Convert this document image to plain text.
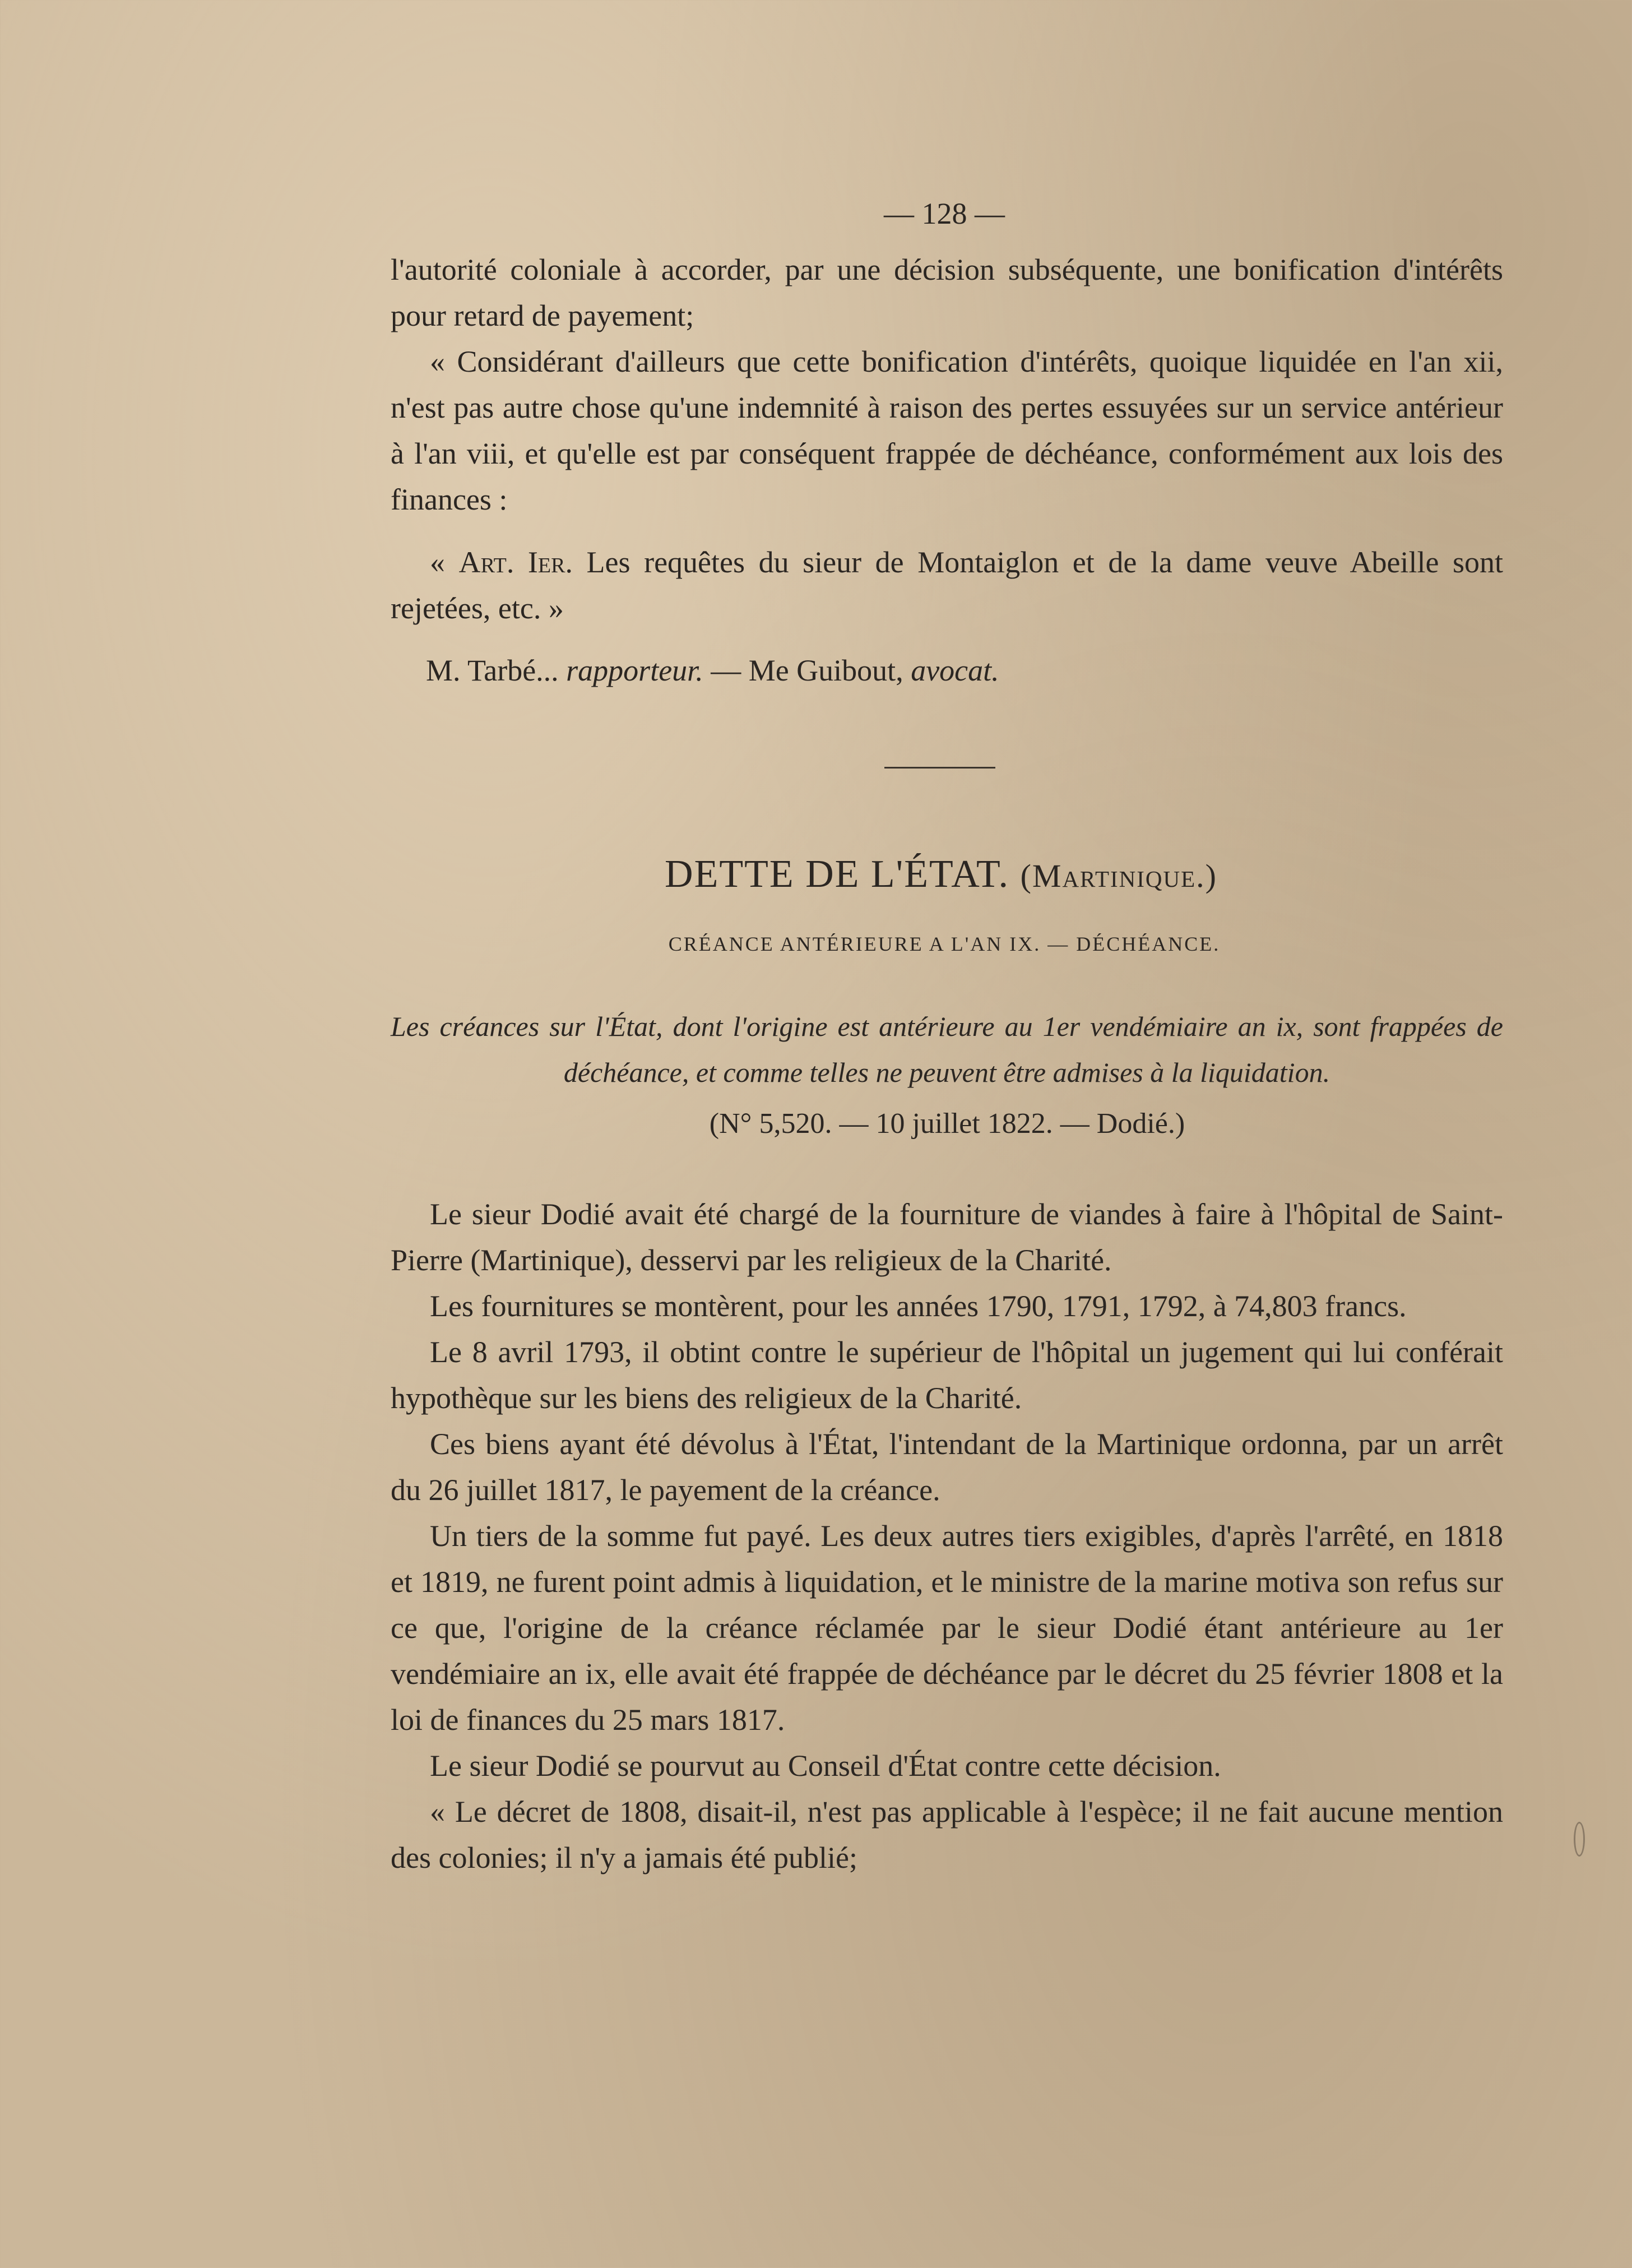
— 128 —

l'autorité coloniale à accorder, par une décision subséquente, une bonification d'intérêts pour retard de payement;

« Considérant d'ailleurs que cette bonification d'intérêts, quoique liquidée en l'an xii, n'est pas autre chose qu'une indemnité à raison des pertes essuyées sur un service antérieur à l'an viii, et qu'elle est par conséquent frappée de déchéance, conformément aux lois des finances :

« Art. Ier. Les requêtes du sieur de Montaiglon et de la dame veuve Abeille sont rejetées, etc. »

M. Tarbé... rapporteur. — Me Guibout, avocat.
DETTE DE L'ÉTAT. (Martinique.)
CRÉANCE ANTÉRIEURE A L'AN IX. — DÉCHÉANCE.
Les créances sur l'État, dont l'origine est antérieure au 1er vendémiaire an ix, sont frappées de déchéance, et comme telles ne peuvent être admises à la liquidation.
(N° 5,520. — 10 juillet 1822. — Dodié.)

Le sieur Dodié avait été chargé de la fourniture de viandes à faire à l'hôpital de Saint-Pierre (Martinique), desservi par les religieux de la Charité.

Les fournitures se montèrent, pour les années 1790, 1791, 1792, à 74,803 francs.

Le 8 avril 1793, il obtint contre le supérieur de l'hôpital un jugement qui lui conférait hypothèque sur les biens des religieux de la Charité.

Ces biens ayant été dévolus à l'État, l'intendant de la Martinique ordonna, par un arrêt du 26 juillet 1817, le payement de la créance.

Un tiers de la somme fut payé. Les deux autres tiers exigibles, d'après l'arrêté, en 1818 et 1819, ne furent point admis à liquidation, et le ministre de la marine motiva son refus sur ce que, l'origine de la créance réclamée par le sieur Dodié étant antérieure au 1er vendémiaire an ix, elle avait été frappée de déchéance par le décret du 25 février 1808 et la loi de finances du 25 mars 1817.

Le sieur Dodié se pourvut au Conseil d'État contre cette décision.

« Le décret de 1808, disait-il, n'est pas applicable à l'espèce; il ne fait aucune mention des colonies; il n'y a jamais été publié;
